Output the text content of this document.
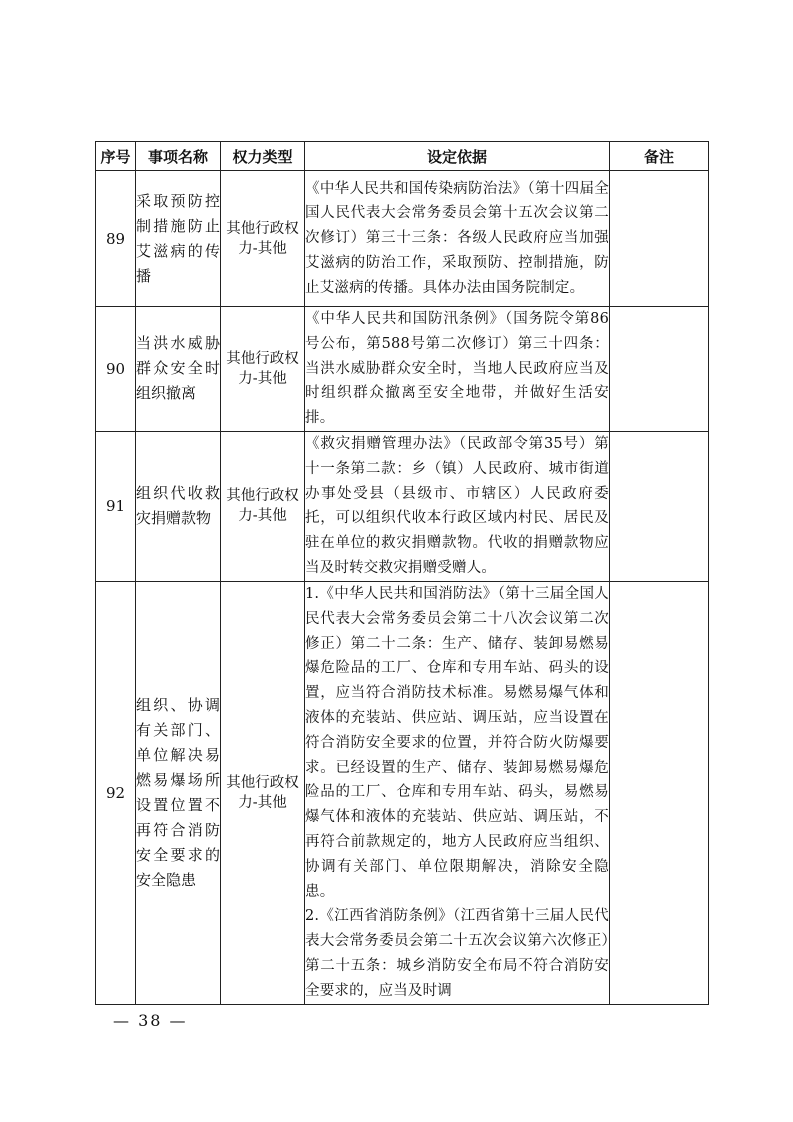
序号	事项名称	权力类型	设定依据	备注
89	采取预防控制措施防止艾滋病的传播	其他行政权力-其他	《中华人民共和国传染病防治法》（第十四届全国人民代表大会常务委员会第十五次会议第二次修订）第三十三条：各级人民政府应当加强艾滋病的防治工作，采取预防、控制措施，防止艾滋病的传播。具体办法由国务院制定。	

90	当洪水威胁群众安全时组织撤离	其他行政权力-其他	《中华人民共和国防汛条例》（国务院令第86号公布，第588号第二次修订）第三十四条：当洪水威胁群众安全时，当地人民政府应当及时组织群众撤离至安全地带，并做好生活安排。	

91	组织代收救灾捐赠款物	其他行政权力-其他	《救灾捐赠管理办法》（民政部令第35号）第十一条第二款：乡（镇）人民政府、城市街道办事处受县（县级市、市辖区）人民政府委托，可以组织代收本行政区域内村民、居民及驻在单位的救灾捐赠款物。代收的捐赠款物应当及时转交救灾捐赠受赠人。	

92	组织、协调有关部门、单位解决易燃易爆场所设置位置不再符合消防安全要求的安全隐患	其他行政权力-其他	1.《中华人民共和国消防法》（第十三届全国人民代表大会常务委员会第二十八次会议第二次修正）第二十二条：生产、储存、装卸易燃易爆危险品的工厂、仓库和专用车站、码头的设置，应当符合消防技术标准。易燃易爆气体和液体的充装站、供应站、调压站，应当设置在符合消防安全要求的位置，并符合防火防爆要求。已经设置的生产、储存、装卸易燃易爆危险品的工厂、仓库和专用车站、码头，易燃易爆气体和液体的充装站、供应站、调压站，不再符合前款规定的，地方人民政府应当组织、协调有关部门、单位限期解决，消除安全隐患。

2.《江西省消防条例》（江西省第十三届人民代表大会常务委员会第二十五次会议第六次修正）第二十五条：城乡消防安全布局不符合消防安全要求的，应当及时调	

— 38 —
